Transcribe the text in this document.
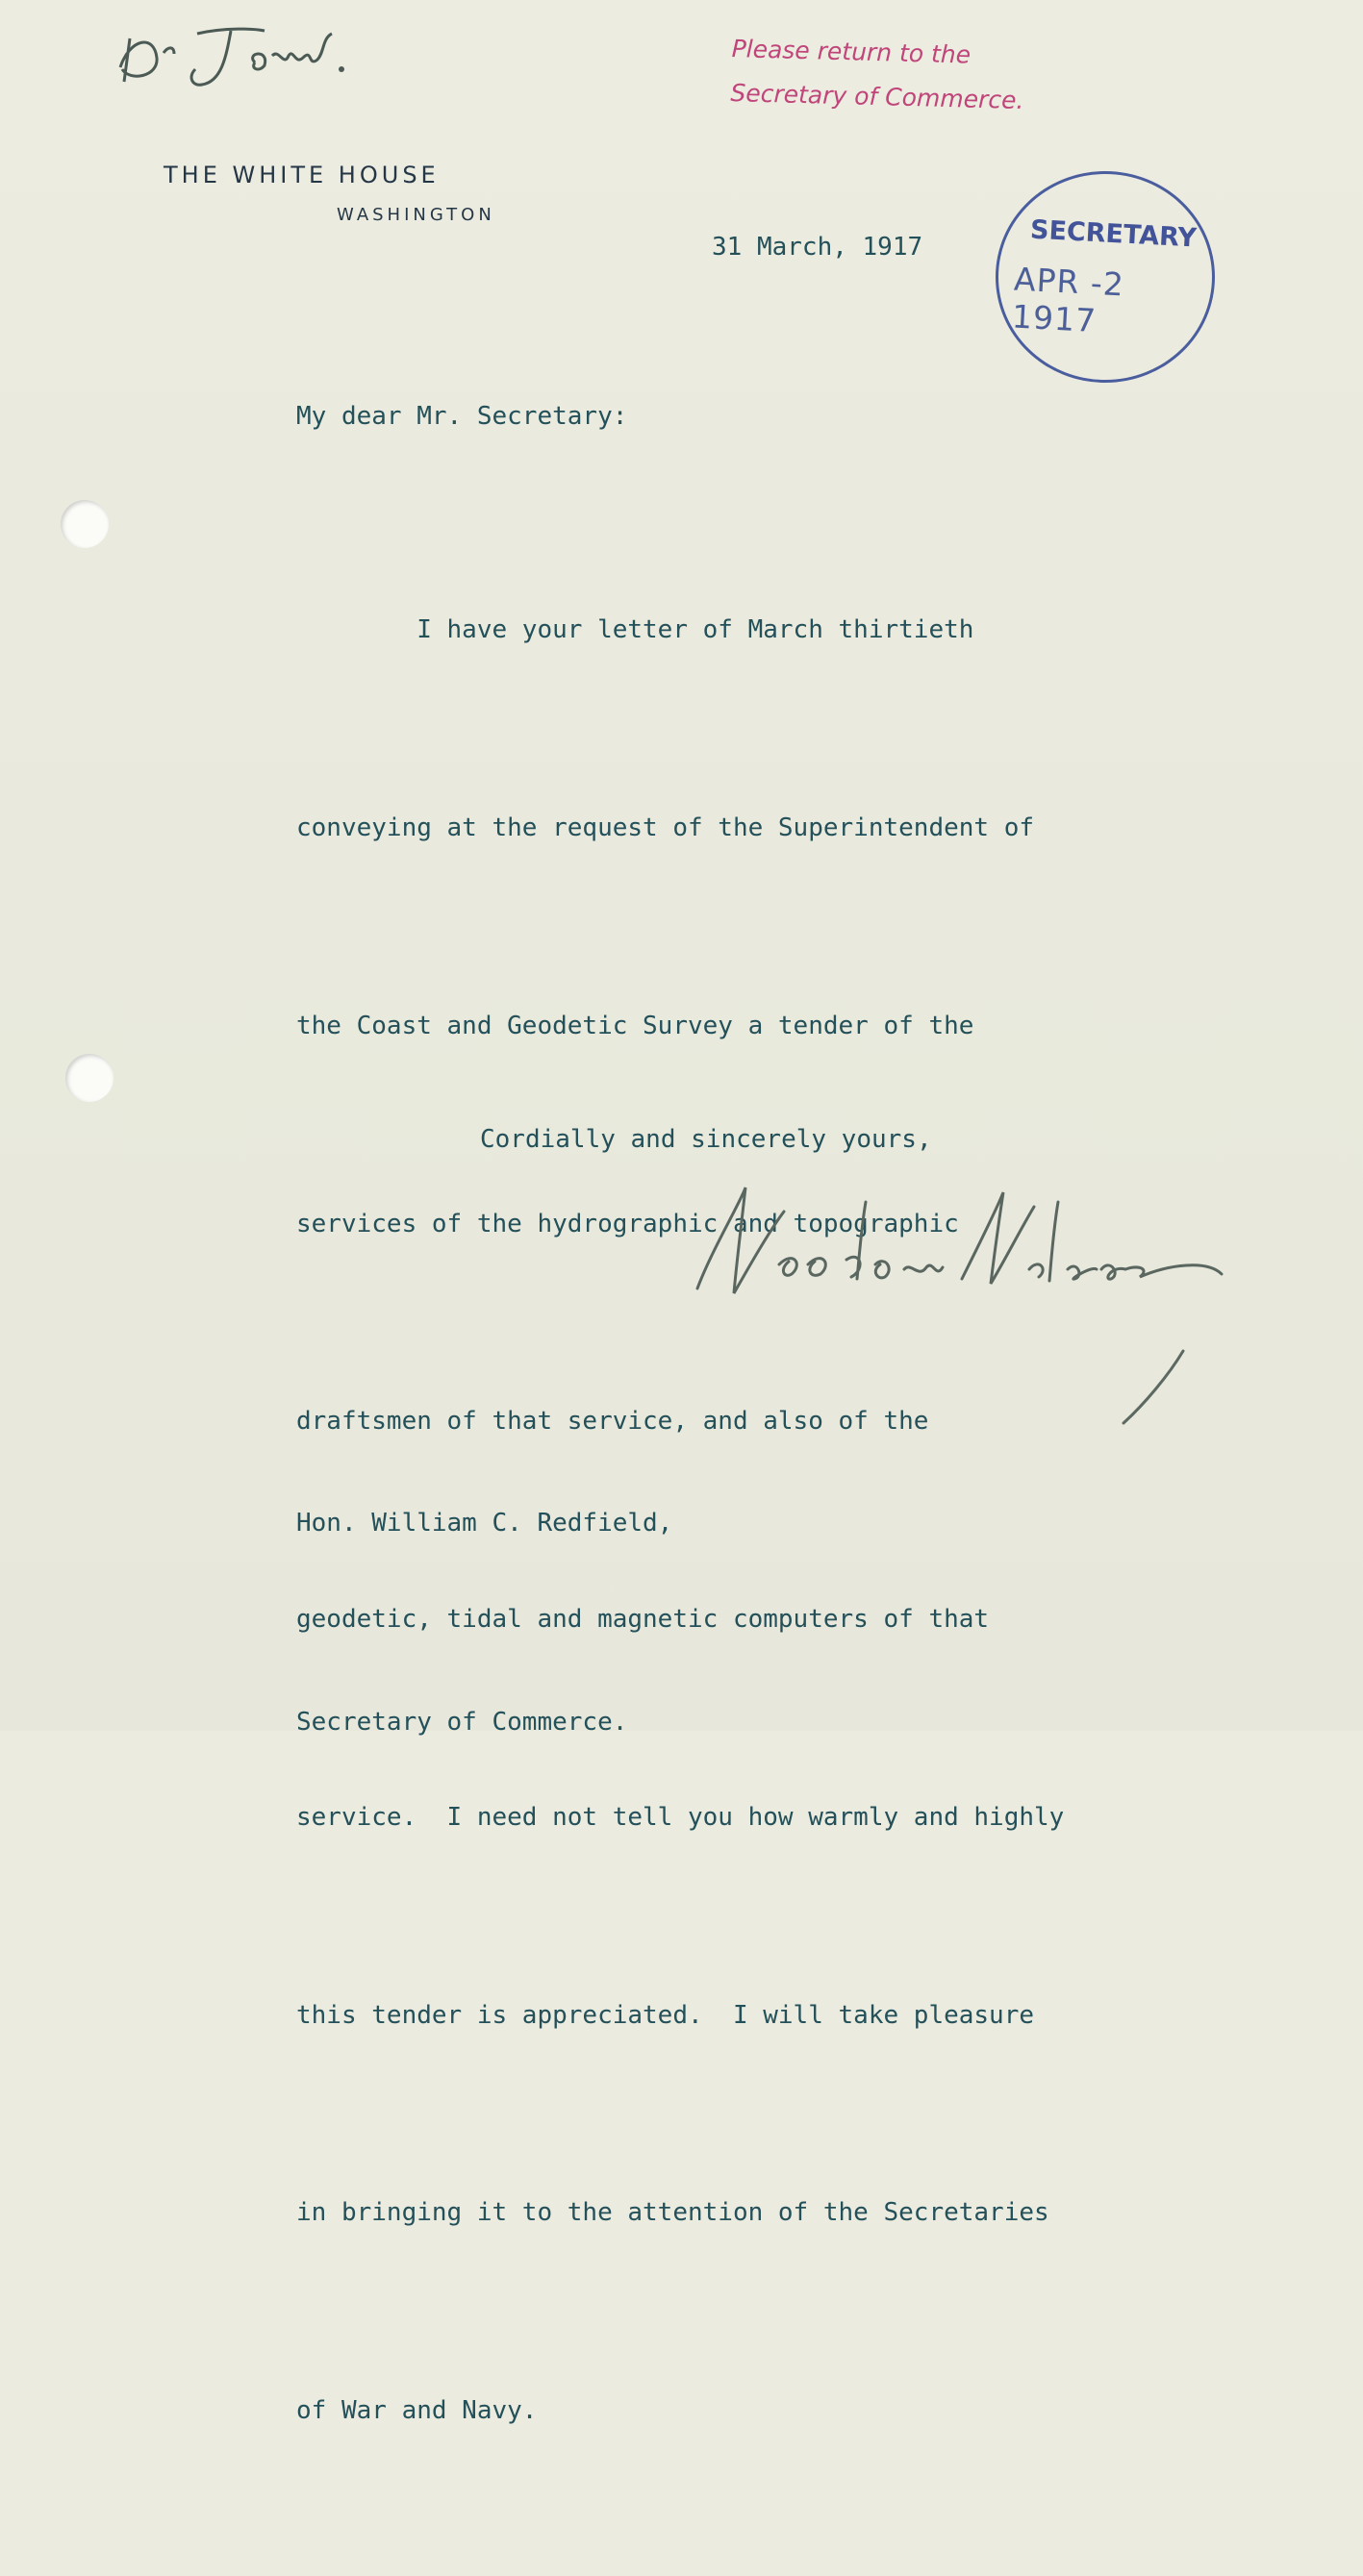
Please return to the
Secretary of Commerce.
THE WHITE HOUSE
WASHINGTON
31 March, 1917	SECRETARY
APR -2 1917
My dear Mr. Secretary:

I have your letter of March thirtieth

conveying at the request of the Superintendent of

the Coast and Geodetic Survey a tender of the

services of the hydrographic and topographic

draftsmen of that service, and also of the

geodetic, tidal and magnetic computers of that

service.  I need not tell you how warmly and highly

this tender is appreciated.  I will take pleasure

in bringing it to the attention of the Secretaries

of War and Navy.

Cordially and sincerely yours,

Hon. William C. Redfield,

Secretary of Commerce.
